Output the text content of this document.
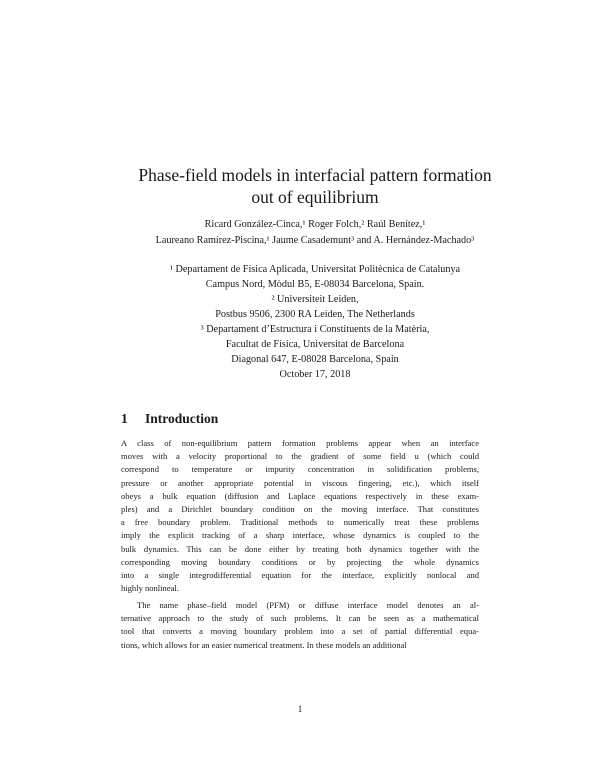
Phase-field models in interfacial pattern formation
out of equilibrium
Ricard González-Cinca,¹ Roger Folch,² Raúl Benítez,¹
Laureano Ramírez-Piscina,¹ Jaume Casademunt³ and A. Hernández-Machado³
¹ Departament de Física Aplicada, Universitat Politècnica de Catalunya
Campus Nord, Mòdul B5, E-08034 Barcelona, Spain.
² Universiteit Leiden,
Postbus 9506, 2300 RA Leiden, The Netherlands
³ Departament d’Estructura i Constituents de la Matèria,
Facultat de Física, Universitat de Barcelona
Diagonal 647, E-08028 Barcelona, Spain

October 17, 2018

1 Introduction
A class of non-equilibrium pattern formation problems appear when an interface
moves with a velocity proportional to the gradient of some field u (which could
correspond to temperature or impurity concentration in solidification problems,
pressure or another appropriate potential in viscous fingering, etc.), which itself
obeys a bulk equation (diffusion and Laplace equations respectively in these exam-
ples) and a Dirichlet boundary condition on the moving interface. That constitutes
a free boundary problem. Traditional methods to numerically treat these problems
imply the explicit tracking of a sharp interface, whose dynamics is coupled to the
bulk dynamics. This can be done either by treating both dynamics together with the
corresponding moving boundary conditions or by projecting the whole dynamics
into a single integrodifferential equation for the interface, explicitly nonlocal and
highly nonlineal.
The name phase–field model (PFM) or diffuse interface model denotes an al-
ternative approach to the study of such problems. It can be seen as a mathematical
tool that converts a moving boundary problem into a set of partial differential equa-
tions, which allows for an easier numerical treatment. In these models an additional
1
